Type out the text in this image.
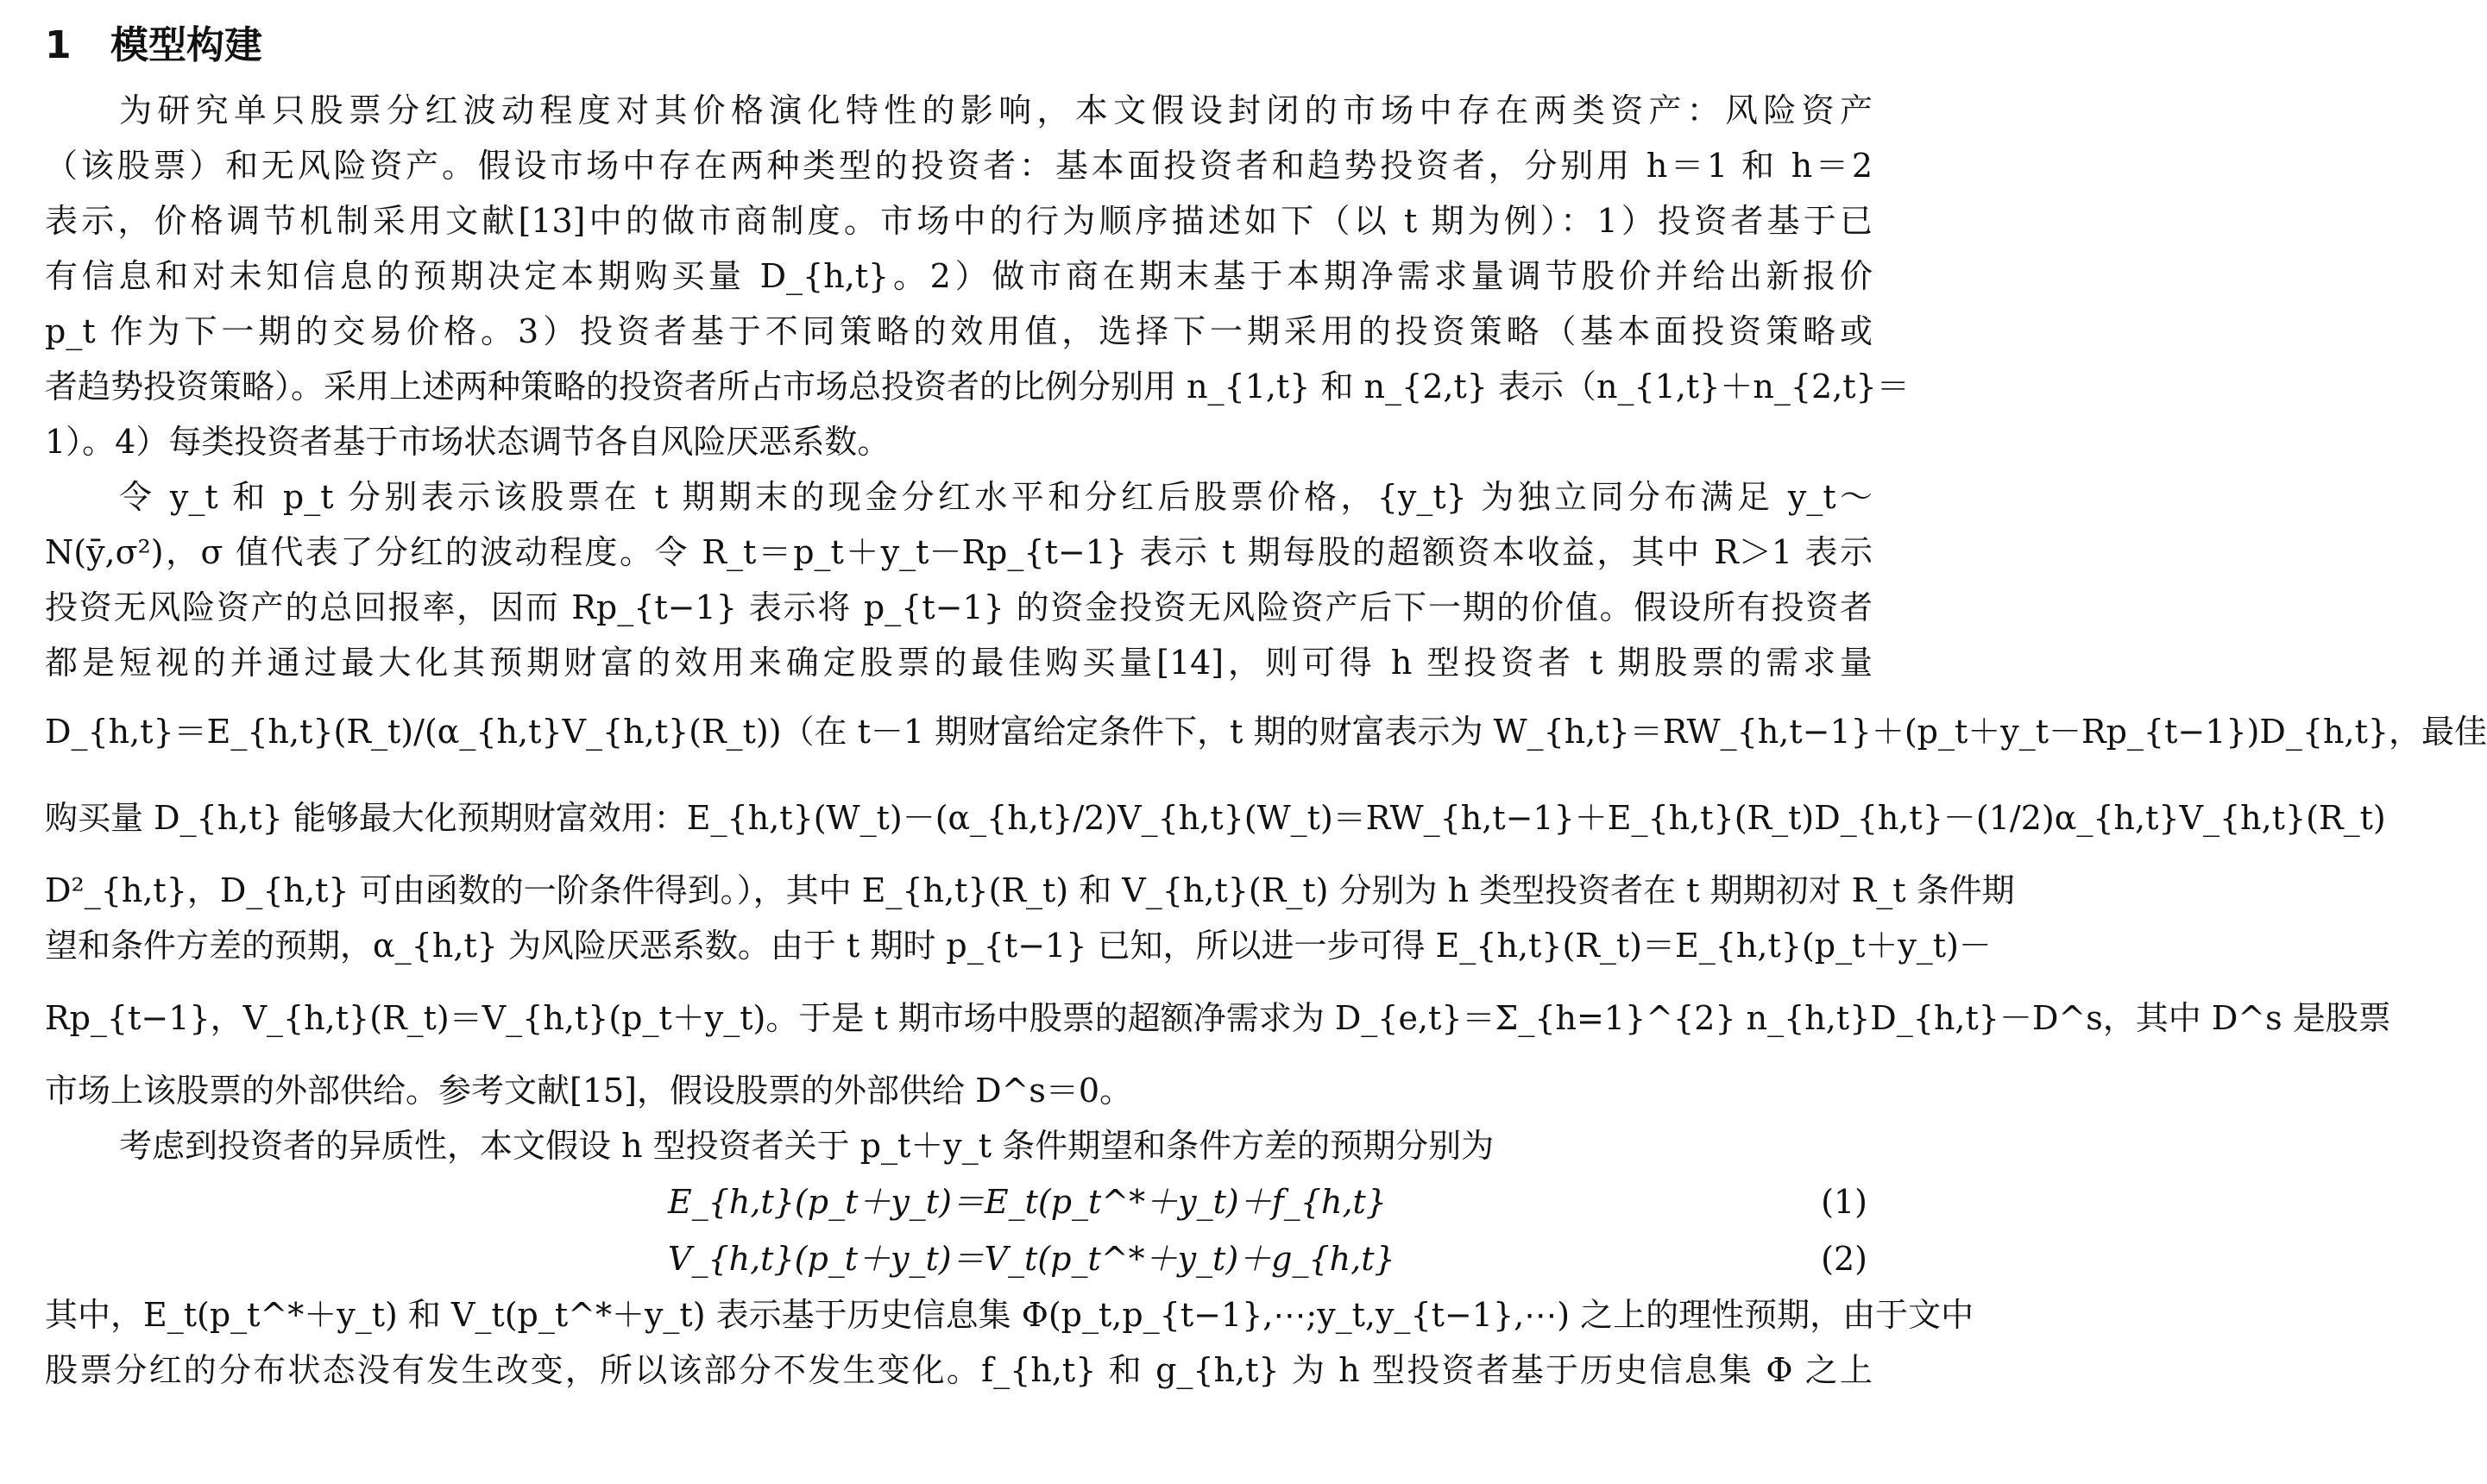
1 模型构建
为研究单只股票分红波动程度对其价格演化特性的影响，本文假设封闭的市场中存在两类资产：风险资产
（该股票）和无风险资产。假设市场中存在两种类型的投资者：基本面投资者和趋势投资者，分别用 h＝1 和 h＝2
表示，价格调节机制采用文献[13]中的做市商制度。市场中的行为顺序描述如下（以 t 期为例）：1）投资者基于已
有信息和对未知信息的预期决定本期购买量 D_{h,t}。2）做市商在期末基于本期净需求量调节股价并给出新报价
p_t 作为下一期的交易价格。3）投资者基于不同策略的效用值，选择下一期采用的投资策略（基本面投资策略或
者趋势投资策略）。采用上述两种策略的投资者所占市场总投资者的比例分别用 n_{1,t} 和 n_{2,t} 表示（n_{1,t}＋n_{2,t}＝
1）。4）每类投资者基于市场状态调节各自风险厌恶系数。
令 y_t 和 p_t 分别表示该股票在 t 期期末的现金分红水平和分红后股票价格，{y_t} 为独立同分布满足 y_t～
N(ȳ,σ²)，σ 值代表了分红的波动程度。令 R_t＝p_t＋y_t－Rp_{t−1} 表示 t 期每股的超额资本收益，其中 R＞1 表示
投资无风险资产的总回报率，因而 Rp_{t−1} 表示将 p_{t−1} 的资金投资无风险资产后下一期的价值。假设所有投资者
都是短视的并通过最大化其预期财富的效用来确定股票的最佳购买量[14]，则可得 h 型投资者 t 期股票的需求量
D_{h,t}＝E_{h,t}(R_t)/(α_{h,t}V_{h,t}(R_t))（在 t－1 期财富给定条件下，t 期的财富表示为 W_{h,t}＝RW_{h,t−1}＋(p_t＋y_t－Rp_{t−1})D_{h,t}，最佳
购买量 D_{h,t} 能够最大化预期财富效用：E_{h,t}(W_t)－(α_{h,t}/2)V_{h,t}(W_t)＝RW_{h,t−1}＋E_{h,t}(R_t)D_{h,t}－(1/2)α_{h,t}V_{h,t}(R_t)
D²_{h,t}，D_{h,t} 可由函数的一阶条件得到。），其中 E_{h,t}(R_t) 和 V_{h,t}(R_t) 分别为 h 类型投资者在 t 期期初对 R_t 条件期
望和条件方差的预期，α_{h,t} 为风险厌恶系数。由于 t 期时 p_{t−1} 已知，所以进一步可得 E_{h,t}(R_t)＝E_{h,t}(p_t＋y_t)－
Rp_{t−1}，V_{h,t}(R_t)＝V_{h,t}(p_t＋y_t)。于是 t 期市场中股票的超额净需求为 D_{e,t}＝Σ_{h=1}^{2} n_{h,t}D_{h,t}－D^s，其中 D^s 是股票
市场上该股票的外部供给。参考文献[15]，假设股票的外部供给 D^s＝0。
考虑到投资者的异质性，本文假设 h 型投资者关于 p_t＋y_t 条件期望和条件方差的预期分别为
E_{h,t}(p_t＋y_t)＝E_t(p_t^*＋y_t)＋f_{h,t}	(1)
V_{h,t}(p_t＋y_t)＝V_t(p_t^*＋y_t)＋g_{h,t}	(2)
其中，E_t(p_t^*＋y_t) 和 V_t(p_t^*＋y_t) 表示基于历史信息集 Φ(p_t,p_{t−1},⋯;y_t,y_{t−1},⋯) 之上的理性预期，由于文中
股票分红的分布状态没有发生改变，所以该部分不发生变化。f_{h,t} 和 g_{h,t} 为 h 型投资者基于历史信息集 Φ 之上
